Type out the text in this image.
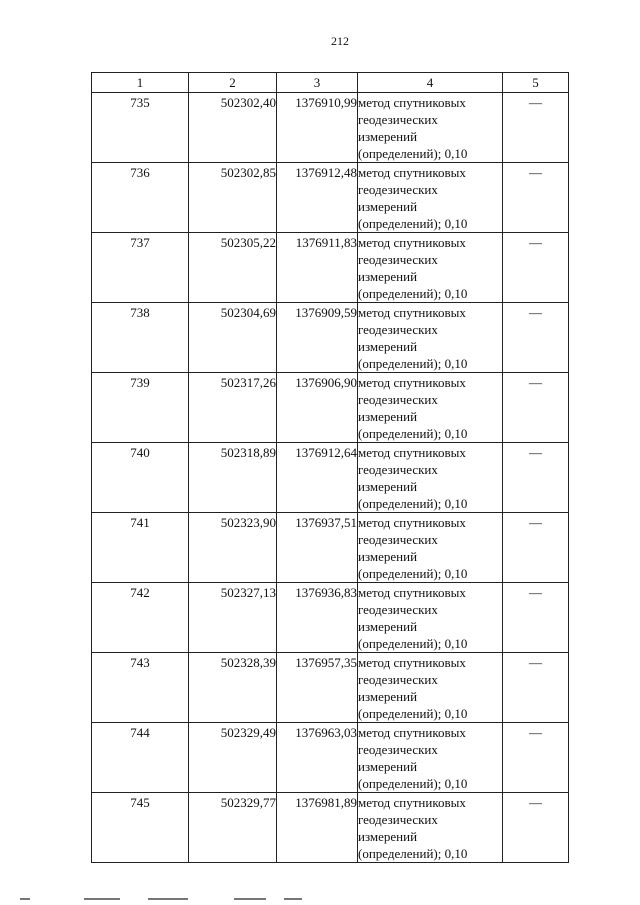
212
1	2	3	4	5
735	502302,40	1376910,99	метод спутниковых
геодезических
измерений
(определений); 0,10	—
736	502302,85	1376912,48	метод спутниковых
геодезических
измерений
(определений); 0,10	—
737	502305,22	1376911,83	метод спутниковых
геодезических
измерений
(определений); 0,10	—
738	502304,69	1376909,59	метод спутниковых
геодезических
измерений
(определений); 0,10	—
739	502317,26	1376906,90	метод спутниковых
геодезических
измерений
(определений); 0,10	—
740	502318,89	1376912,64	метод спутниковых
геодезических
измерений
(определений); 0,10	—
741	502323,90	1376937,51	метод спутниковых
геодезических
измерений
(определений); 0,10	—
742	502327,13	1376936,83	метод спутниковых
геодезических
измерений
(определений); 0,10	—
743	502328,39	1376957,35	метод спутниковых
геодезических
измерений
(определений); 0,10	—
744	502329,49	1376963,03	метод спутниковых
геодезических
измерений
(определений); 0,10	—
745	502329,77	1376981,89	метод спутниковых
геодезических
измерений
(определений); 0,10	—
